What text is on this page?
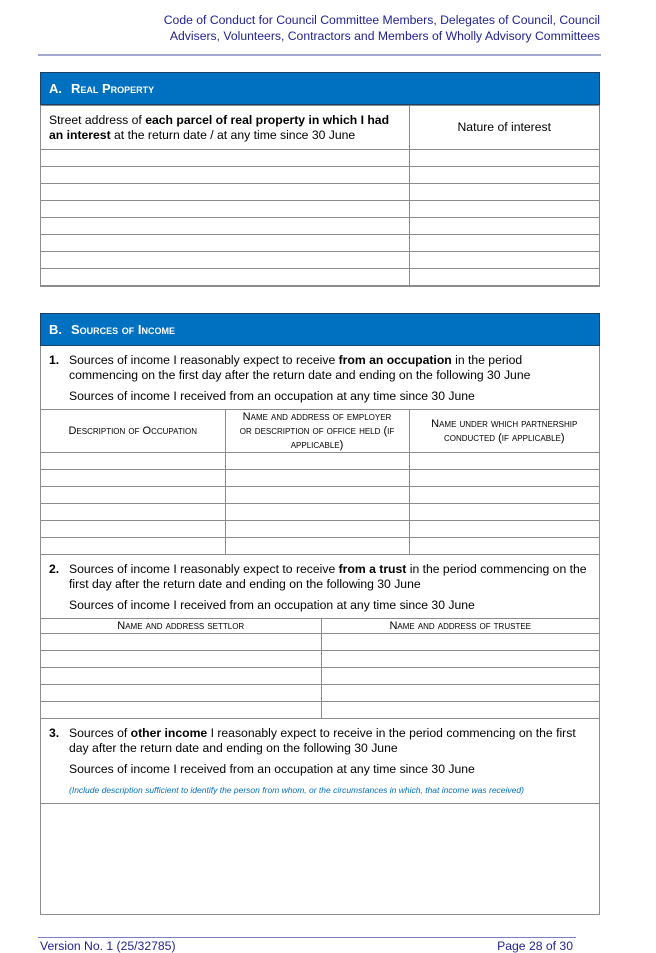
Code of Conduct for Council Committee Members, Delegates of Council, Council
Advisers, Volunteers, Contractors and Members of Wholly Advisory Committees
A. Real Property
Street address of each parcel of real property in which I had an interest at the return date / at any time since 30 June	Nature of interest

B. Sources of Income
1. Sources of income I reasonably expect to receive from an occupation in the period commencing on the first day after the return date and ending on the following 30 June
Sources of income I received from an occupation at any time since 30 June
Description of Occupation	Name and address of employer or description of office held (if applicable)	Name under which partnership conducted (if applicable)

2. Sources of income I reasonably expect to receive from a trust in the period commencing on the first day after the return date and ending on the following 30 June
Sources of income I received from an occupation at any time since 30 June
Name and address settlor	Name and address of trustee

3. Sources of other income I reasonably expect to receive in the period commencing on the first day after the return date and ending on the following 30 June
Sources of income I received from an occupation at any time since 30 June
(Include description sufficient to identify the person from whom, or the circumstances in which, that income was received)
Version No. 1 (25/32785)	Page 28 of 30
